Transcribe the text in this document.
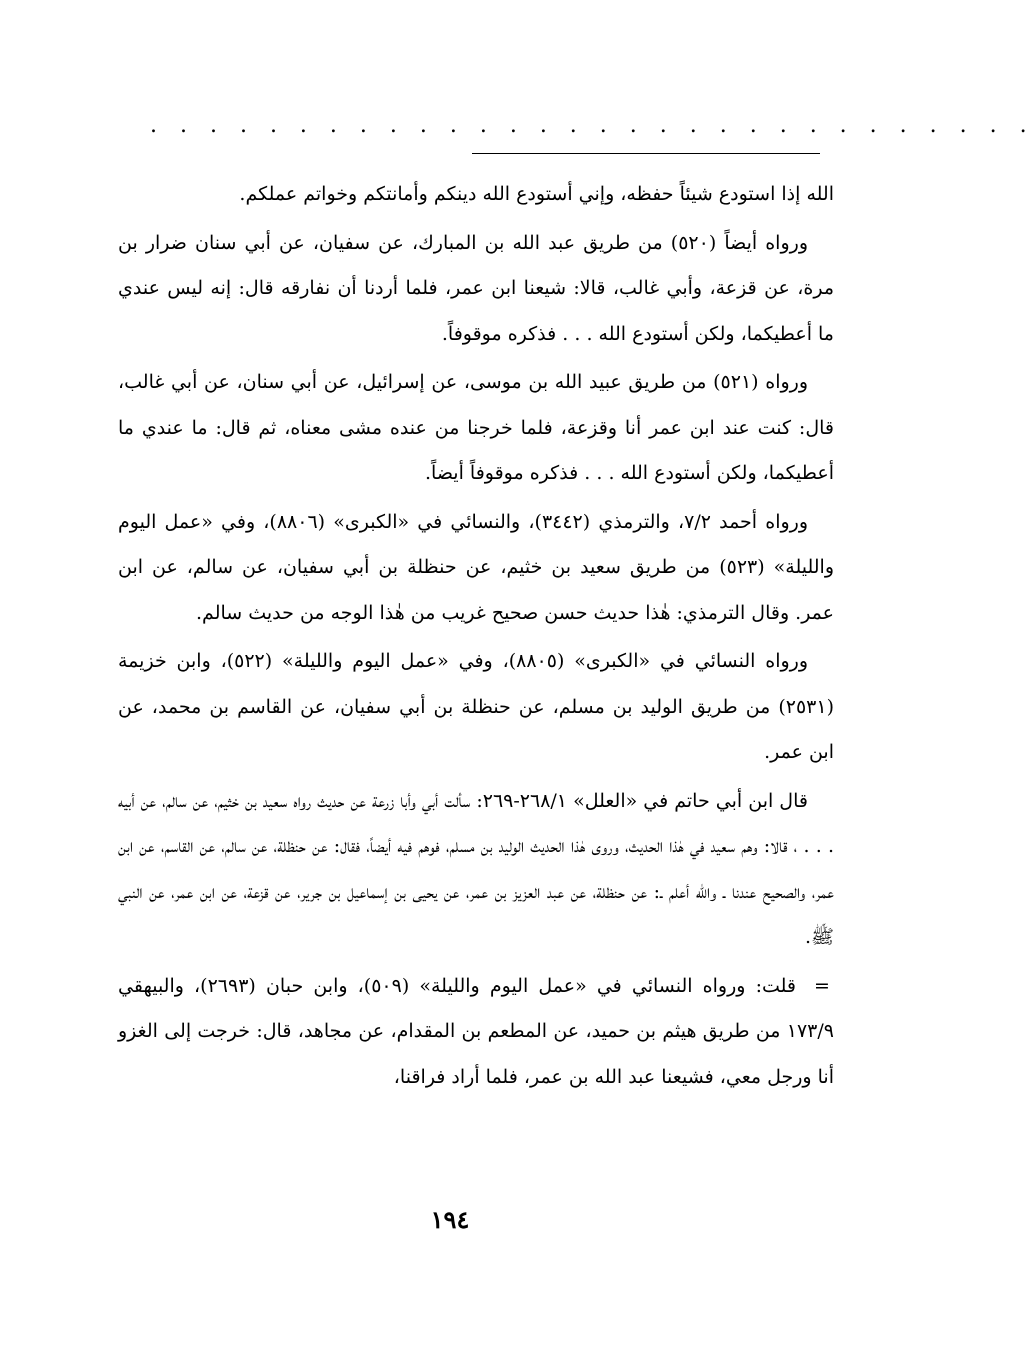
. . . . . . . . . . . . . . . . . . . . . . . . . . . . . .

الله إذا استودع شيئاً حفظه، وإني أستودع الله دينكم وأمانتكم وخواتم عملكم.

ورواه أيضاً (٥٢٠) من طريق عبد الله بن المبارك، عن سفيان، عن أبي سنان ضرار بن مرة، عن قزعة، وأبي غالب، قالا: شيعنا ابن عمر، فلما أردنا أن نفارقه قال: إنه ليس عندي ما أعطيكما، ولكن أستودع الله . . . فذكره موقوفاً.

ورواه (٥٢١) من طريق عبيد الله بن موسى، عن إسرائيل، عن أبي سنان، عن أبي غالب، قال: كنت عند ابن عمر أنا وقزعة، فلما خرجنا من عنده مشى معناه، ثم قال: ما عندي ما أعطيكما، ولكن أستودع الله . . . فذكره موقوفاً أيضاً.

ورواه أحمد ٧/٢، والترمذي (٣٤٤٢)، والنسائي في «الكبرى» (٨٨٠٦)، وفي «عمل اليوم والليلة» (٥٢٣) من طريق سعيد بن خثيم، عن حنظلة بن أبي سفيان، عن سالم، عن ابن عمر. وقال الترمذي: هٰذا حديث حسن صحيح غريب من هٰذا الوجه من حديث سالم.

ورواه النسائي في «الكبرى» (٨٨٠٥)، وفي «عمل اليوم والليلة» (٥٢٢)، وابن خزيمة (٢٥٣١) من طريق الوليد بن مسلم، عن حنظلة بن أبي سفيان، عن القاسم بن محمد، عن ابن عمر.

قال ابن أبي حاتم في «العلل» ٢٦٨/١-٢٦٩: سألت أبي وأبا زرعة عن حديث رواه سعيد بن خثيم، عن سالم، عن أبيه . . . ، قالا: وهم سعيد في هٰذا الحديث، وروى هٰذا الحديث الوليد بن مسلم، فوهم فيه أيضاً، فقال: عن حنظلة، عن سالم، عن القاسم، عن ابن عمر، والصحيح عندنا ـ والله أعلم ـ: عن حنظلة، عن عبد العزيز بن عمر، عن يحيى بن إسماعيل بن جرير، عن قزعة، عن ابن عمر، عن النبي ﷺ.

=قلت: ورواه النسائي في «عمل اليوم والليلة» (٥٠٩)، وابن حبان (٢٦٩٣)، والبيهقي ١٧٣/٩ من طريق هيثم بن حميد، عن المطعم بن المقدام، عن مجاهد، قال: خرجت إلى الغزو أنا ورجل معي، فشيعنا عبد الله بن عمر، فلما أراد فراقنا،

١٩٤
